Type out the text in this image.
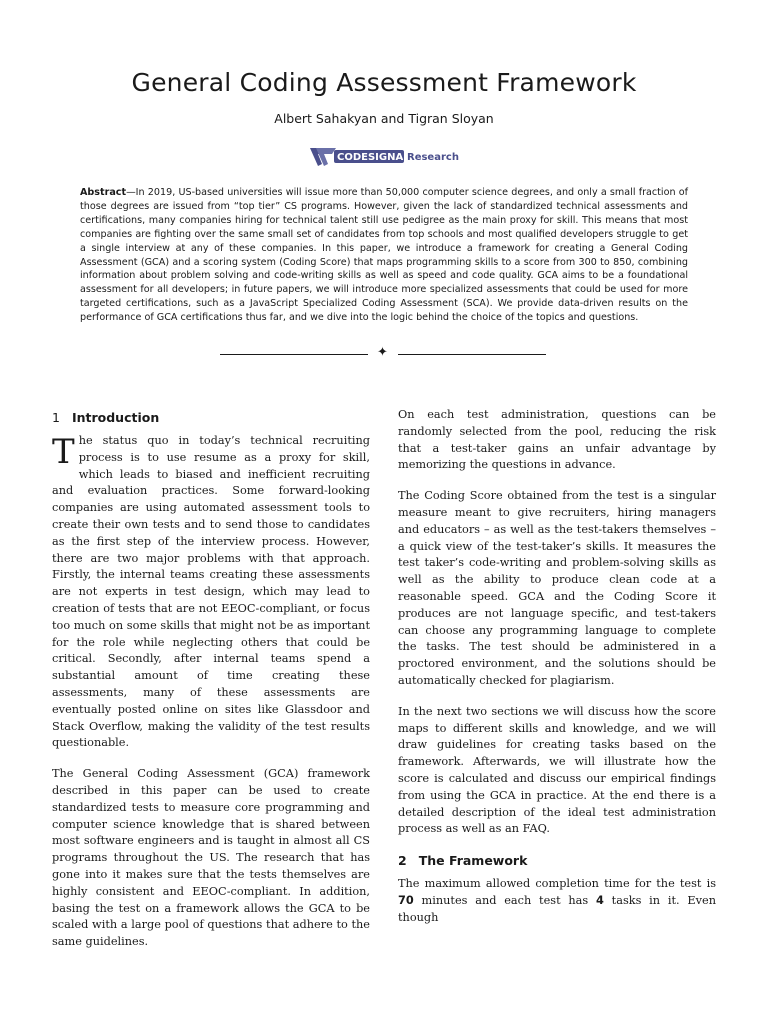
General Coding Assessment Framework
Albert Sahakyan and Tigran Sloyan
CODESIGNAL
Research
Abstract—In 2019, US-based universities will issue more than 50,000 computer science degrees, and only a small fraction of those degrees are issued from “top tier” CS programs. However, given the lack of standardized technical assessments and certifications, many companies hiring for technical talent still use pedigree as the main proxy for skill. This means that most companies are fighting over the same small set of candidates from top schools and most qualified developers struggle to get a single interview at any of these companies. In this paper, we introduce a framework for creating a General Coding Assessment (GCA) and a scoring system (Coding Score) that maps programming skills to a score from 300 to 850, combining information about problem solving and code-writing skills as well as speed and code quality. GCA aims to be a foundational assessment for all developers; in future papers, we will introduce more specialized assessments that could be used for more targeted certifications, such as a JavaScript Specialized Coding Assessment (SCA). We provide data-driven results on the performance of GCA certifications thus far, and we dive into the logic behind the choice of the topics and questions.
✦
1 Introduction

The status quo in today’s technical recruiting process is to use resume as a proxy for skill, which leads to biased and inefficient recruiting and evaluation practices. Some forward-looking companies are using automated assessment tools to create their own tests and to send those to candidates as the first step of the interview process. However, there are two major problems with that approach. Firstly, the internal teams creating these assessments are not experts in test design, which may lead to creation of tests that are not EEOC-compliant, or focus too much on some skills that might not be as important for the role while neglecting others that could be critical. Secondly, after internal teams spend a substantial amount of time creating these assessments, many of these assessments are eventually posted online on sites like Glassdoor and Stack Overflow, making the validity of the test results questionable.

The General Coding Assessment (GCA) framework described in this paper can be used to create standardized tests to measure core programming and computer science knowledge that is shared between most software engineers and is taught in almost all CS programs throughout the US. The research that has gone into it makes sure that the tests themselves are highly consistent and EEOC-compliant. In addition, basing the test on a framework allows the GCA to be scaled with a large pool of questions that adhere to the same guidelines.

On each test administration, questions can be randomly selected from the pool, reducing the risk that a test-taker gains an unfair advantage by memorizing the questions in advance.

The Coding Score obtained from the test is a singular measure meant to give recruiters, hiring managers and educators – as well as the test-takers themselves – a quick view of the test-taker’s skills. It measures the test taker’s code-writing and problem-solving skills as well as the ability to produce clean code at a reasonable speed. GCA and the Coding Score it produces are not language specific, and test-takers can choose any programming language to complete the tasks. The test should be administered in a proctored environment, and the solutions should be automatically checked for plagiarism.

In the next two sections we will discuss how the score maps to different skills and knowledge, and we will draw guidelines for creating tasks based on the framework. Afterwards, we will illustrate how the score is calculated and discuss our empirical findings from using the GCA in practice. At the end there is a detailed description of the ideal test administration process as well as an FAQ.

2 The Framework

The maximum allowed completion time for the test is 70 minutes and each test has 4 tasks in it. Even though
